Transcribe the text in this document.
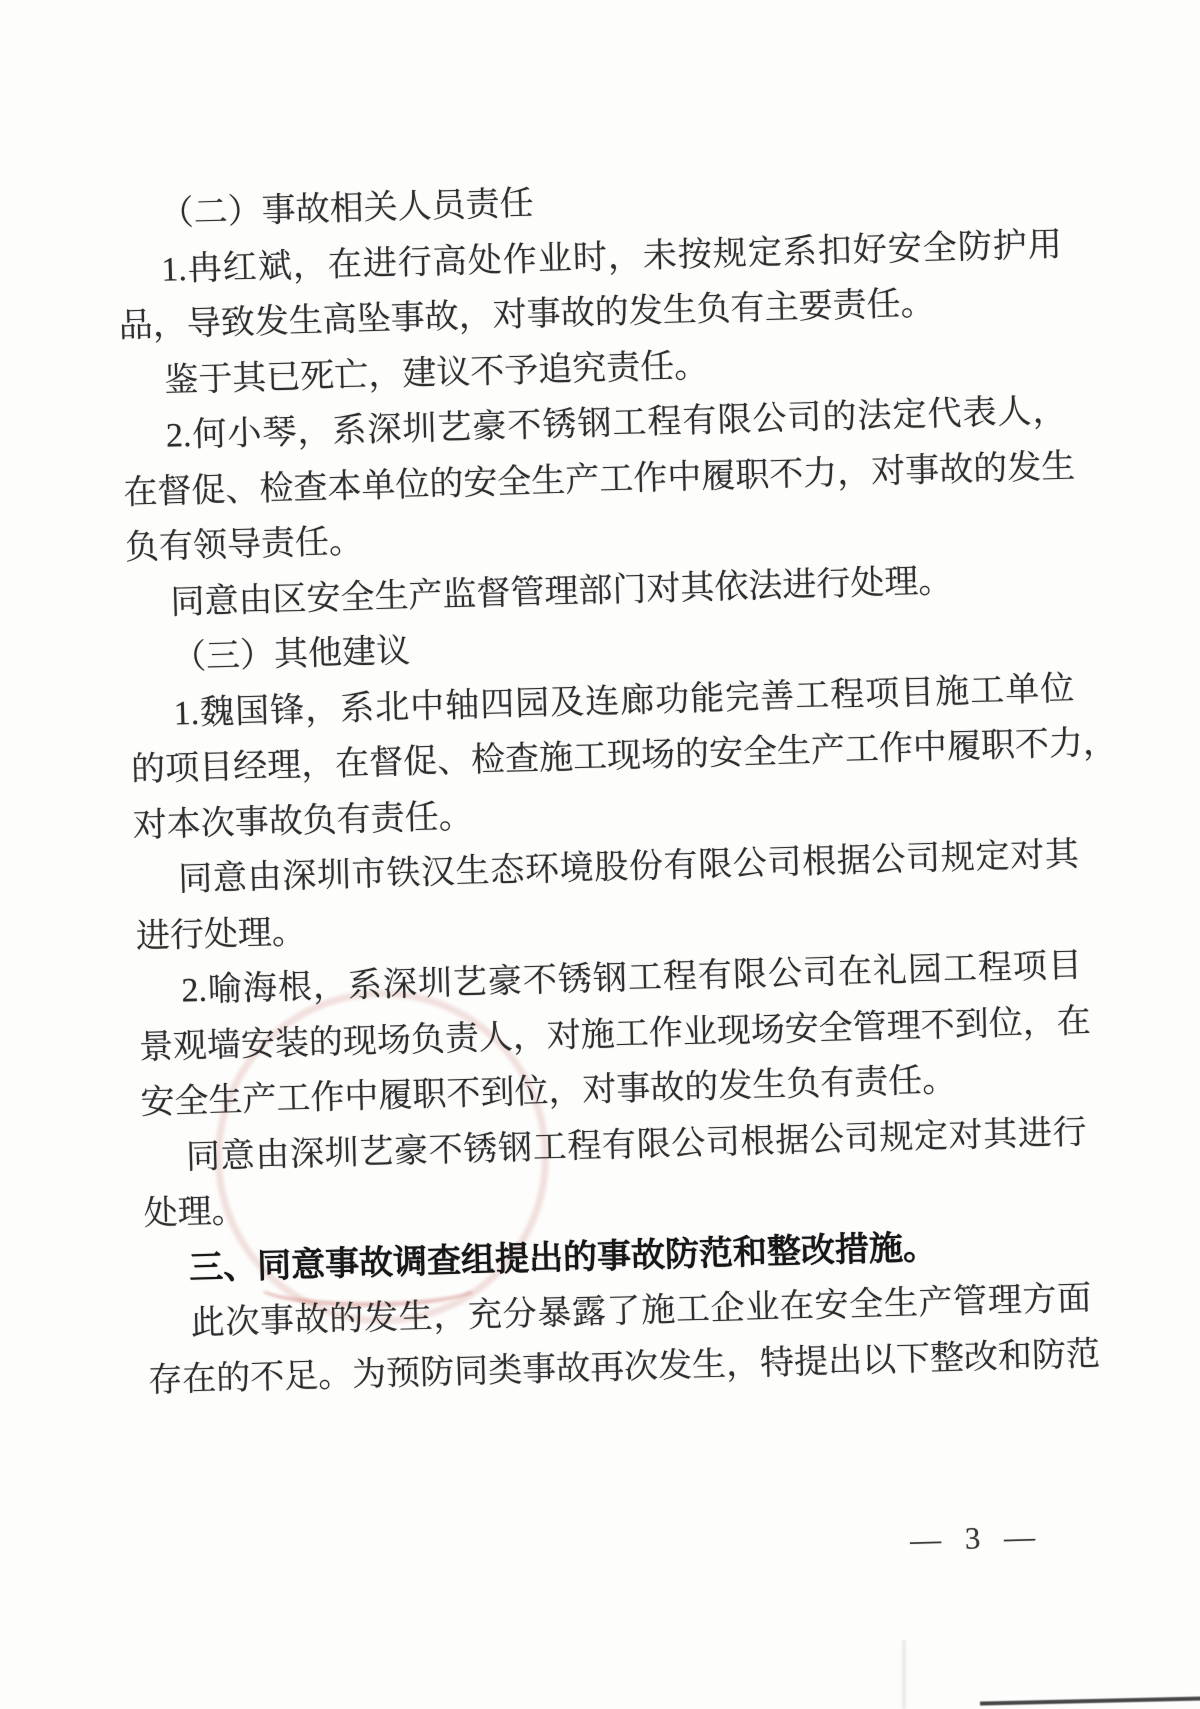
（二）事故相关人员责任
1. 冉 红 斌 ， 在 进 行 高 处 作 业 时 ， 未 按 规 定 系 扣 好 安 全 防 护 用
品，导致发生高坠事故，对事故的发生负有主要责任。
鉴于其已死亡，建议不予追究责任。
2. 何 小 琴 ， 系 深 圳 艺 豪 不 锈 钢 工 程 有 限 公 司 的 法 定 代 表 人 ，
在
督
促
、
检
查
本
单
位
的
安
全
生
产
工
作
中
履
职
不
力
，
对
事
故
的
发
生
负有领导责任。
同意由区安全生产监督管理部门对其依法进行处理。
（三）其他建议
1. 魏 国 锋 ， 系 北 中 轴 四 园 及 连 廊 功 能 完 善 工 程 项 目 施 工 单 位
的
项
目
经
理
，
在
督
促
、
检
查
施
工
现
场
的
安
全
生
产
工
作
中
履
职
不
力
，
对本次事故负有责任。
同 意 由 深 圳 市 铁 汉 生 态 环 境 股 份 有 限 公 司 根 据 公 司 规 定 对 其
进行处理。
2. 喻 海 根 ， 系 深 圳 艺 豪 不 锈 钢 工 程 有 限 公 司 在 礼 园 工 程 项 目
景
观
墙
安
装
的
现
场
负
责
人
，
对
施
工
作
业
现
场
安
全
管
理
不
到
位
，
在
安全生产工作中履职不到位，对事故的发生负有责任。
同 意 由 深 圳 艺 豪 不 锈 钢 工 程 有 限 公 司 根 据 公 司 规 定 对 其 进 行
处理。
三、同意事故调查组提出的事故防范和整改措施。
此 次 事 故 的 发 生 ， 充 分 暴 露 了 施 工 企 业 在 安 全 生 产 管 理 方 面
存
在
的
不
足
。
为
预
防
同
类
事
故
再
次
发
生
，
特
提
出
以
下
整
改
和
防
范
— 3 —
